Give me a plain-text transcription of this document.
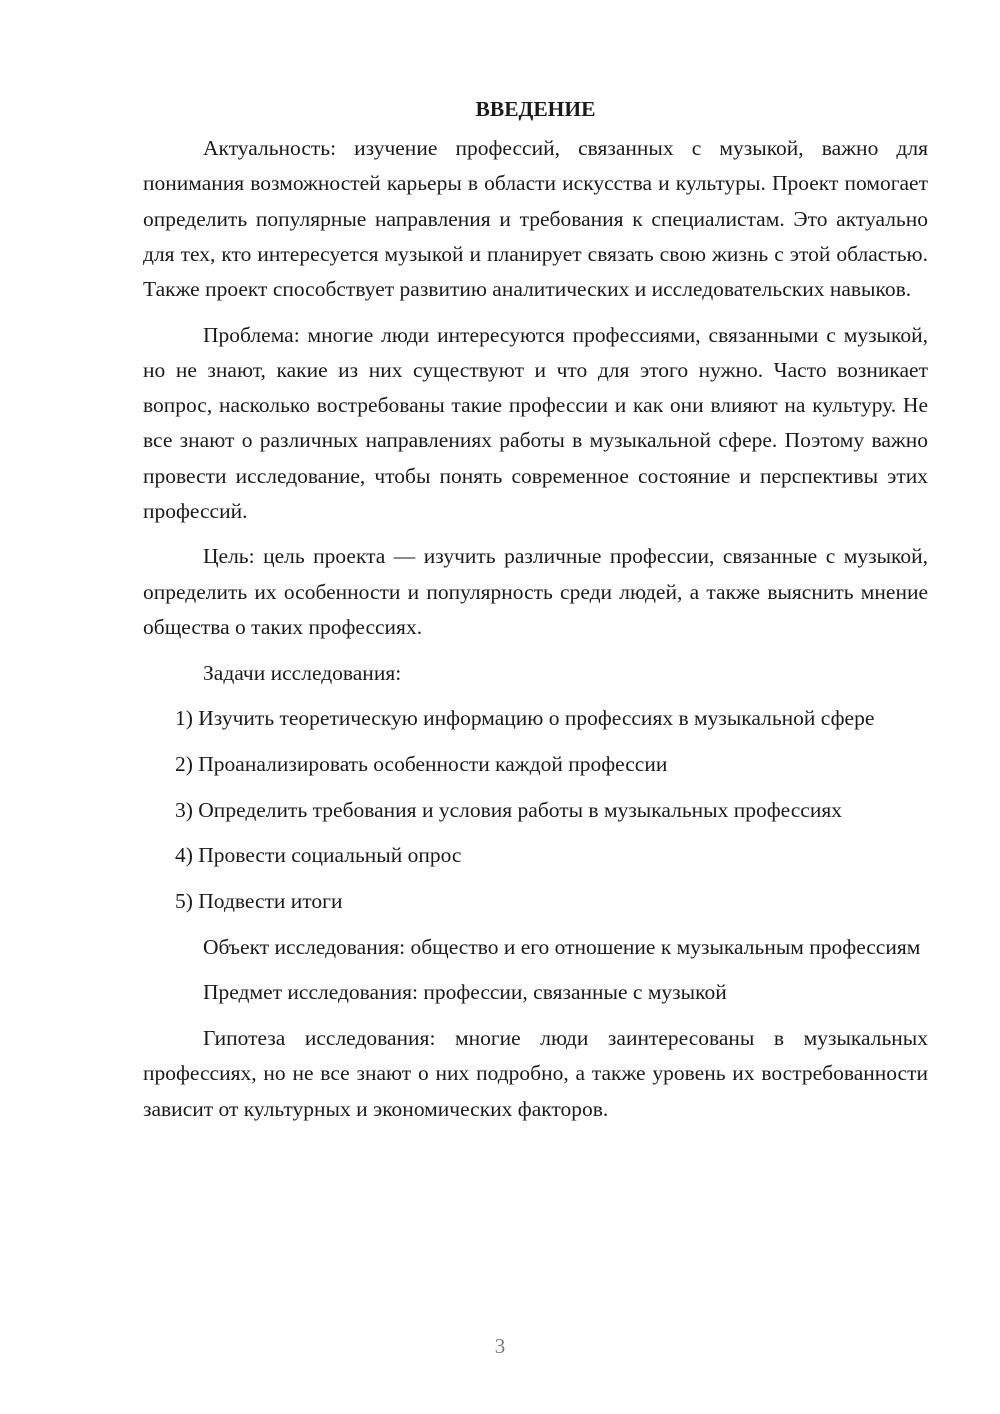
ВВЕДЕНИЕ

Актуальность: изучение профессий, связанных с музыкой, важно для понимания возможностей карьеры в области искусства и культуры. Проект помогает определить популярные направления и требования к специалистам. Это актуально для тех, кто интересуется музыкой и планирует связать свою жизнь с этой областью. Также проект способствует развитию аналитических и исследовательских навыков.

Проблема: многие люди интересуются профессиями, связанными с музыкой, но не знают, какие из них существуют и что для этого нужно. Часто возникает вопрос, насколько востребованы такие профессии и как они влияют на культуру. Не все знают о различных направлениях работы в музыкальной сфере. Поэтому важно провести исследование, чтобы понять современное состояние и перспективы этих профессий.

Цель: цель проекта — изучить различные профессии, связанные с музыкой, определить их особенности и популярность среди людей, а также выяснить мнение общества о таких профессиях.

Задачи исследования:

1) Изучить теоретическую информацию о профессиях в музыкальной сфере

2) Проанализировать особенности каждой профессии

3) Определить требования и условия работы в музыкальных профессиях

4) Провести социальный опрос

5) Подвести итоги

Объект исследования: общество и его отношение к музыкальным профессиям

Предмет исследования: профессии, связанные с музыкой

Гипотеза исследования: многие люди заинтересованы в музыкальных профессиях, но не все знают о них подробно, а также уровень их востребованности зависит от культурных и экономических факторов.

3
